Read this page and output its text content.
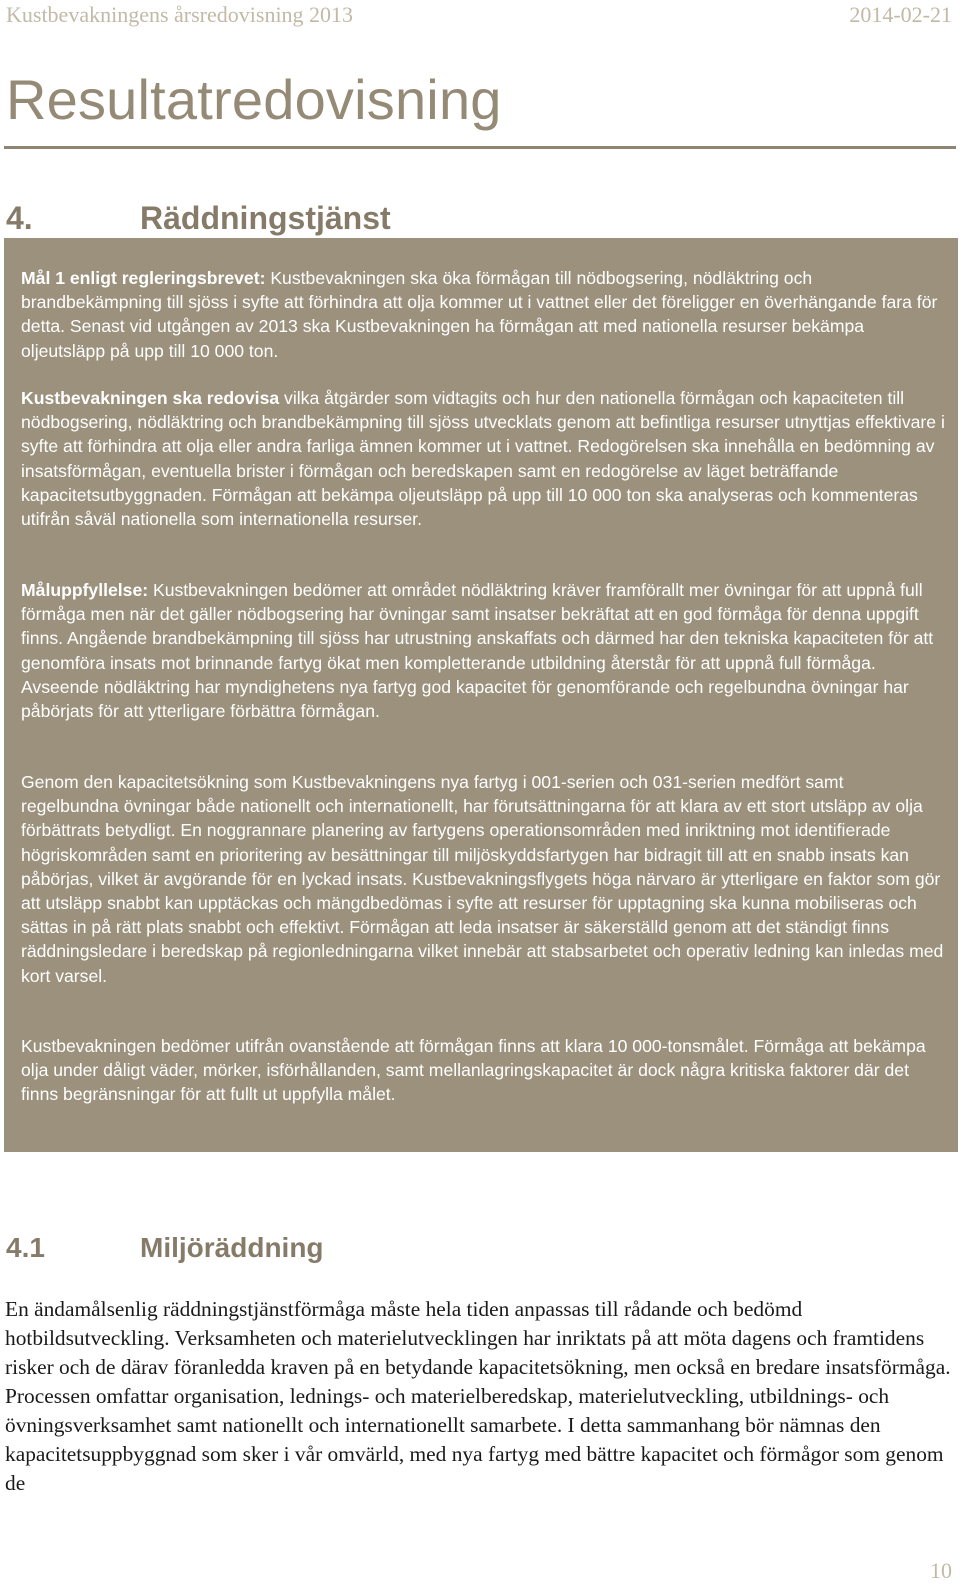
Kustbevakningens årsredovisning 2013	2014-02-21
Resultatredovisning
4.	Räddningstjänst
Mål 1 enligt regleringsbrevet: Kustbevakningen ska öka förmågan till nödbogsering, nödläktring och brandbekämpning till sjöss i syfte att förhindra att olja kommer ut i vattnet eller det föreligger en överhängande fara för detta. Senast vid utgången av 2013 ska Kustbevakningen ha förmågan att med nationella resurser bekämpa oljeutsläpp på upp till 10 000 ton.
Kustbevakningen ska redovisa vilka åtgärder som vidtagits och hur den nationella förmågan och kapaciteten till nödbogsering, nödläktring och brandbekämpning till sjöss utvecklats genom att befintliga resurser utnyttjas effektivare i syfte att förhindra att olja eller andra farliga ämnen kommer ut i vattnet. Redogörelsen ska innehålla en bedömning av insatsförmågan, eventuella brister i förmågan och beredskapen samt en redogörelse av läget beträffande kapacitetsutbyggnaden. Förmågan att bekämpa oljeutsläpp på upp till 10 000 ton ska analyseras och kommenteras utifrån såväl nationella som internationella resurser.
Måluppfyllelse: Kustbevakningen bedömer att området nödläktring kräver framförallt mer övningar för att uppnå full förmåga men när det gäller nödbogsering har övningar samt insatser bekräftat att en god förmåga för denna uppgift finns. Angående brandbekämpning till sjöss har utrustning anskaffats och därmed har den tekniska kapaciteten för att genomföra insats mot brinnande fartyg ökat men kompletterande utbildning återstår för att uppnå full förmåga. Avseende nödläktring har myndighetens nya fartyg god kapacitet för genomförande och regelbundna övningar har påbörjats för att ytterligare förbättra förmågan.
Genom den kapacitetsökning som Kustbevakningens nya fartyg i 001-serien och 031-serien medfört samt regelbundna övningar både nationellt och internationellt, har förutsättningarna för att klara av ett stort utsläpp av olja förbättrats betydligt. En noggrannare planering av fartygens operationsområden med inriktning mot identifierade högriskområden samt en prioritering av besättningar till miljöskyddsfartygen har bidragit till att en snabb insats kan påbörjas, vilket är avgörande för en lyckad insats. Kustbevakningsflygets höga närvaro är ytterligare en faktor som gör att utsläpp snabbt kan upptäckas och mängdbedömas i syfte att resurser för upptagning ska kunna mobiliseras och sättas in på rätt plats snabbt och effektivt. Förmågan att leda insatser är säkerställd genom att det ständigt finns räddningsledare i beredskap på regionledningarna vilket innebär att stabsarbetet och operativ ledning kan inledas med kort varsel.
Kustbevakningen bedömer utifrån ovanstående att förmågan finns att klara 10 000-tonsmålet. Förmåga att bekämpa olja under dåligt väder, mörker, isförhållanden, samt mellanlagringskapacitet är dock några kritiska faktorer där det finns begränsningar för att fullt ut uppfylla målet.
4.1	Miljöräddning
En ändamålsenlig räddningstjänstförmåga måste hela tiden anpassas till rådande och bedömd hotbildsutveckling. Verksamheten och materielutvecklingen har inriktats på att möta dagens och framtidens risker och de därav föranledda kraven på en betydande kapacitetsökning, men också en bredare insatsförmåga. Processen omfattar organisation, lednings- och materielberedskap, materielutveckling, utbildnings- och övningsverksamhet samt nationellt och internationellt samarbete. I detta sammanhang bör nämnas den kapacitetsuppbyggnad som sker i vår omvärld, med nya fartyg med bättre kapacitet och förmågor som genom de
10
